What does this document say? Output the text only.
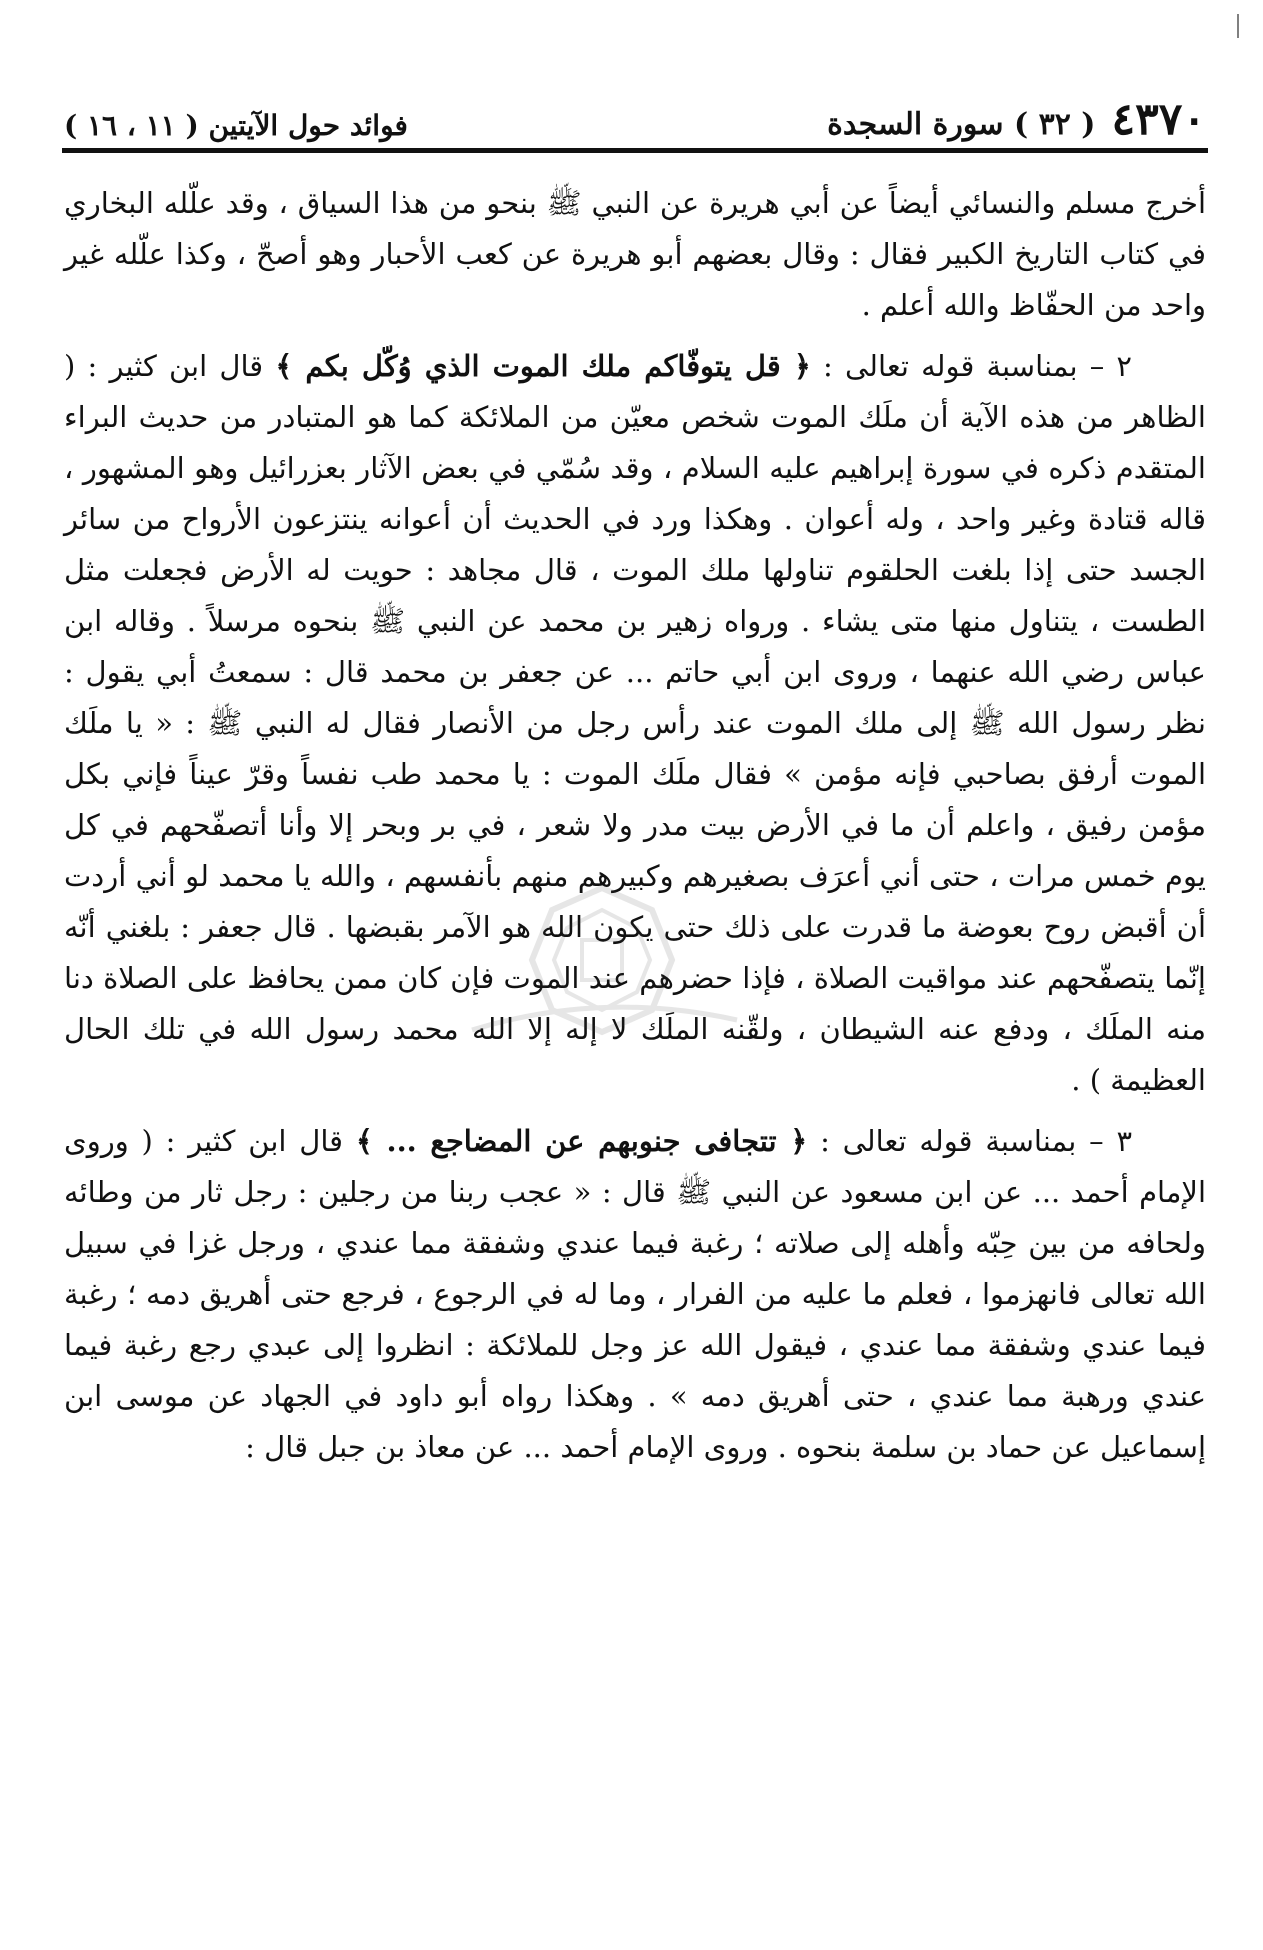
٤٣٧٠
( ٣٢ ) سورة السجدة
فوائد حول الآيتين ( ١١ ، ١٦ )

أخرج مسلم والنسائي أيضاً عن أبي هريرة عن النبي ﷺ بنحو من هذا السياق ، وقد علّله البخاري في كتاب التاريخ الكبير فقال : وقال بعضهم أبو هريرة عن كعب الأحبار وهو أصحّ ، وكذا علّله غير واحد من الحفّاظ والله أعلم .

٢ – بمناسبة قوله تعالى : ﴿ قل يتوفّاكم ملك الموت الذي وُكّل بكم ﴾ قال ابن كثير : ( الظاهر من هذه الآية أن ملَك الموت شخص معيّن من الملائكة كما هو المتبادر من حديث البراء المتقدم ذكره في سورة إبراهيم عليه السلام ، وقد سُمّي في بعض الآثار بعزرائيل وهو المشهور ، قاله قتادة وغير واحد ، وله أعوان . وهكذا ورد في الحديث أن أعوانه ينتزعون الأرواح من سائر الجسد حتى إذا بلغت الحلقوم تناولها ملك الموت ، قال مجاهد : حويت له الأرض فجعلت مثل الطست ، يتناول منها متى يشاء . ورواه زهير بن محمد عن النبي ﷺ بنحوه مرسلاً . وقاله ابن عباس رضي الله عنهما ، وروى ابن أبي حاتم ... عن جعفر بن محمد قال : سمعتُ أبي يقول : نظر رسول الله ﷺ إلى ملك الموت عند رأس رجل من الأنصار فقال له النبي ﷺ : « يا ملَك الموت أرفق بصاحبي فإنه مؤمن » فقال ملَك الموت : يا محمد طب نفساً وقرّ عيناً فإني بكل مؤمن رفيق ، واعلم أن ما في الأرض بيت مدر ولا شعر ، في بر وبحر إلا وأنا أتصفّحهم في كل يوم خمس مرات ، حتى أني أعرَف بصغيرهم وكبيرهم منهم بأنفسهم ، والله يا محمد لو أني أردت أن أقبض روح بعوضة ما قدرت على ذلك حتى يكون الله هو الآمر بقبضها . قال جعفر : بلغني أنّه إنّما يتصفّحهم عند مواقيت الصلاة ، فإذا حضرهم عند الموت فإن كان ممن يحافظ على الصلاة دنا منه الملَك ، ودفع عنه الشيطان ، ولقّنه الملَك لا إله إلا الله محمد رسول الله في تلك الحال العظيمة ) .

٣ – بمناسبة قوله تعالى : ﴿ تتجافى جنوبهم عن المضاجع ... ﴾ قال ابن كثير : ( وروى الإمام أحمد ... عن ابن مسعود عن النبي ﷺ قال : « عجب ربنا من رجلين : رجل ثار من وطائه ولحافه من بين حِبّه وأهله إلى صلاته ؛ رغبة فيما عندي وشفقة مما عندي ، ورجل غزا في سبيل الله تعالى فانهزموا ، فعلم ما عليه من الفرار ، وما له في الرجوع ، فرجع حتى أهريق دمه ؛ رغبة فيما عندي وشفقة مما عندي ، فيقول الله عز وجل للملائكة : انظروا إلى عبدي رجع رغبة فيما عندي ورهبة مما عندي ، حتى أهريق دمه » . وهكذا رواه أبو داود في الجهاد عن موسى ابن إسماعيل عن حماد بن سلمة بنحوه . وروى الإمام أحمد ... عن معاذ بن جبل قال :
